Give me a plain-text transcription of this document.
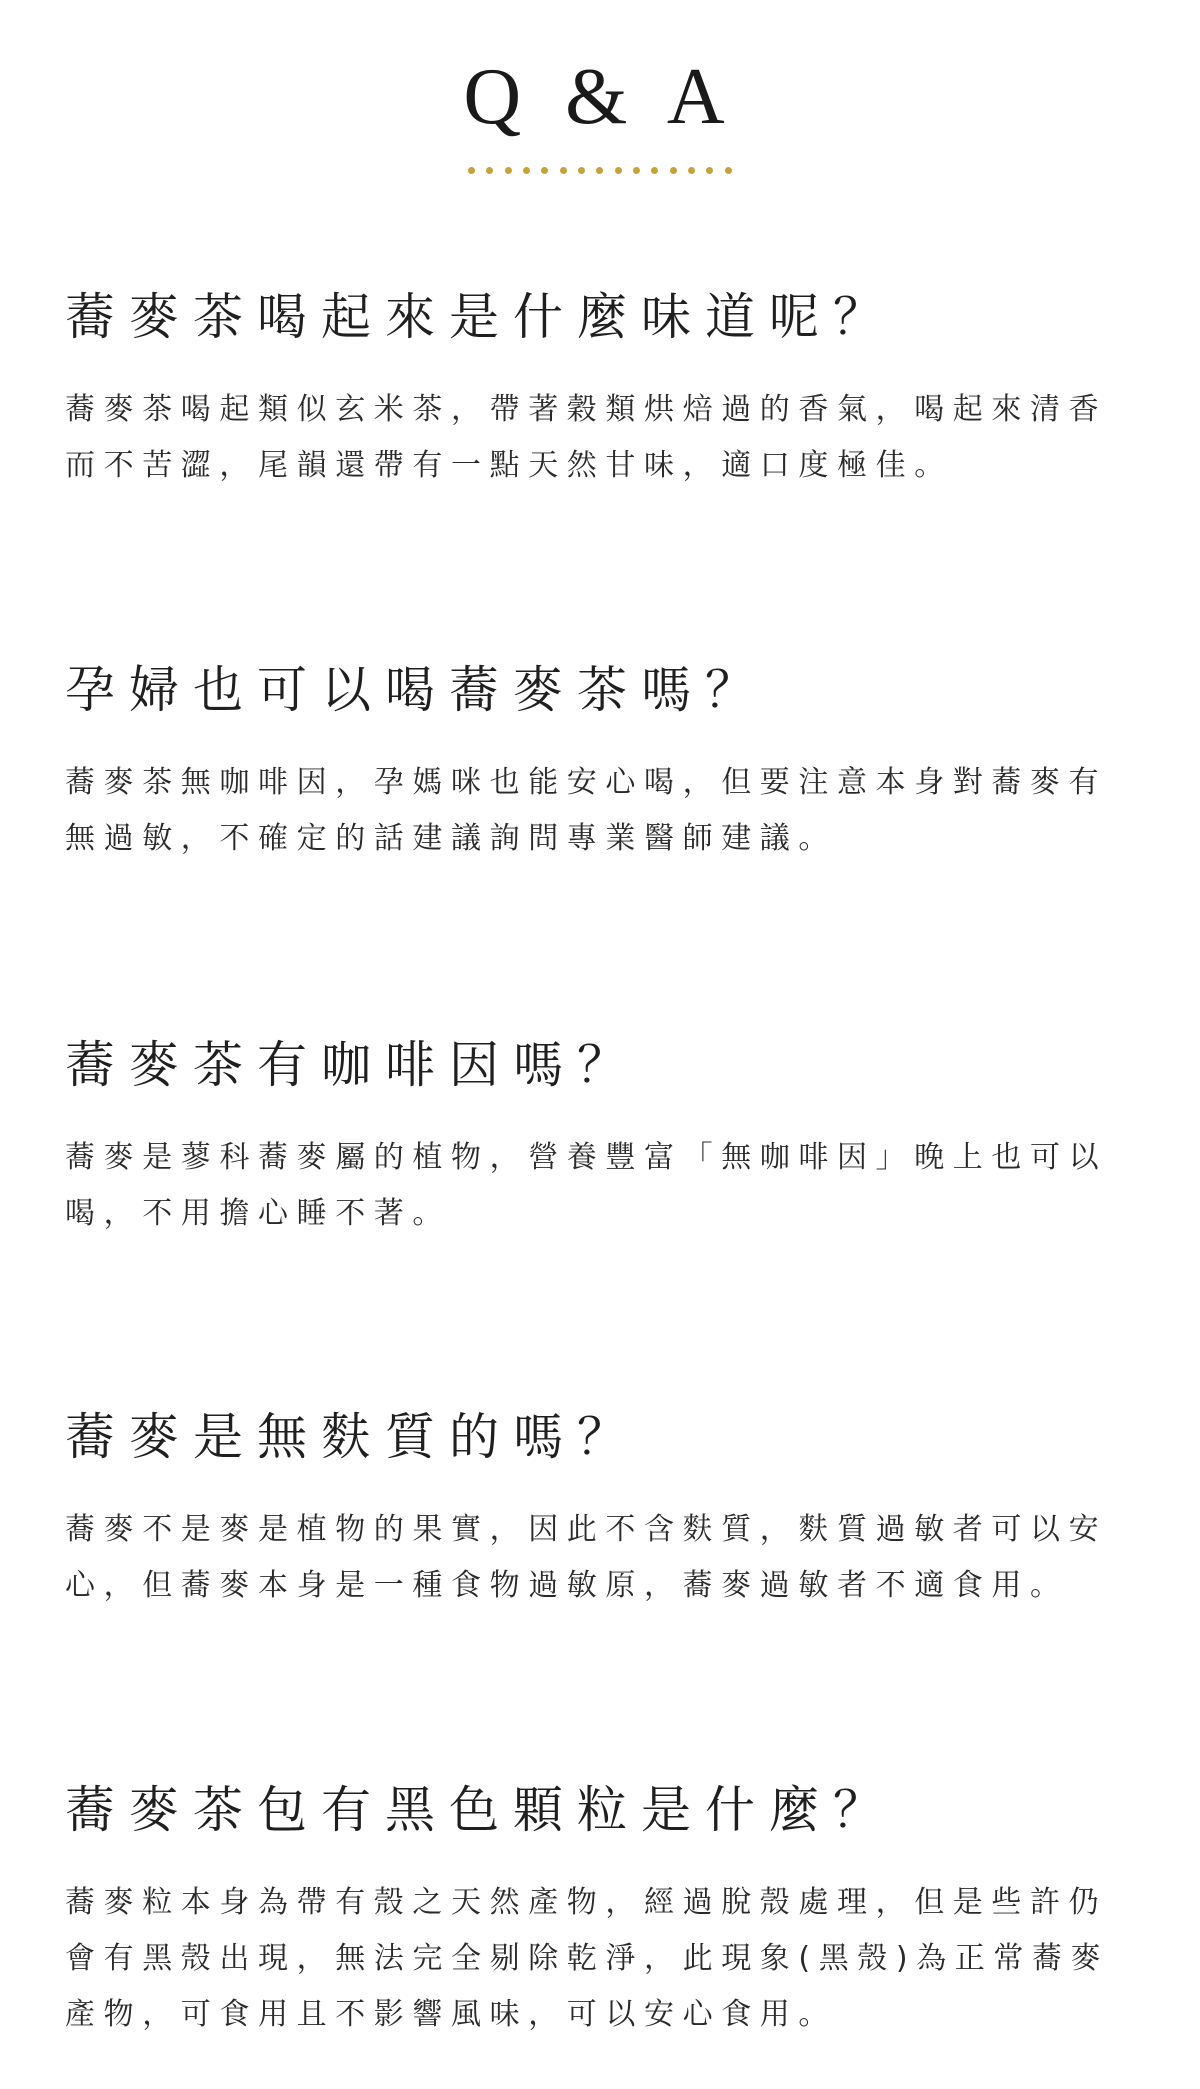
Q & A
蕎麥茶喝起來是什麼味道呢？

蕎麥茶喝起類似玄米茶，帶著穀類烘焙過的香氣，喝起來清香而不苦澀，尾韻還帶有一點天然甘味，適口度極佳。

孕婦也可以喝蕎麥茶嗎？

蕎麥茶無咖啡因，孕媽咪也能安心喝，但要注意本身對蕎麥有無過敏，不確定的話建議詢問專業醫師建議。

蕎麥茶有咖啡因嗎？

蕎麥是蓼科蕎麥屬的植物，營養豐富「無咖啡因」晚上也可以喝，不用擔心睡不著。

蕎麥是無麩質的嗎？

蕎麥不是麥是植物的果實，因此不含麩質，麩質過敏者可以安心，但蕎麥本身是一種食物過敏原，蕎麥過敏者不適食用。

蕎麥茶包有黑色顆粒是什麼？

蕎麥粒本身為帶有殼之天然產物，經過脫殼處理，但是些許仍會有黑殼出現，無法完全剔除乾淨，此現象(黑殼)為正常蕎麥產物，可食用且不影響風味，可以安心食用。
